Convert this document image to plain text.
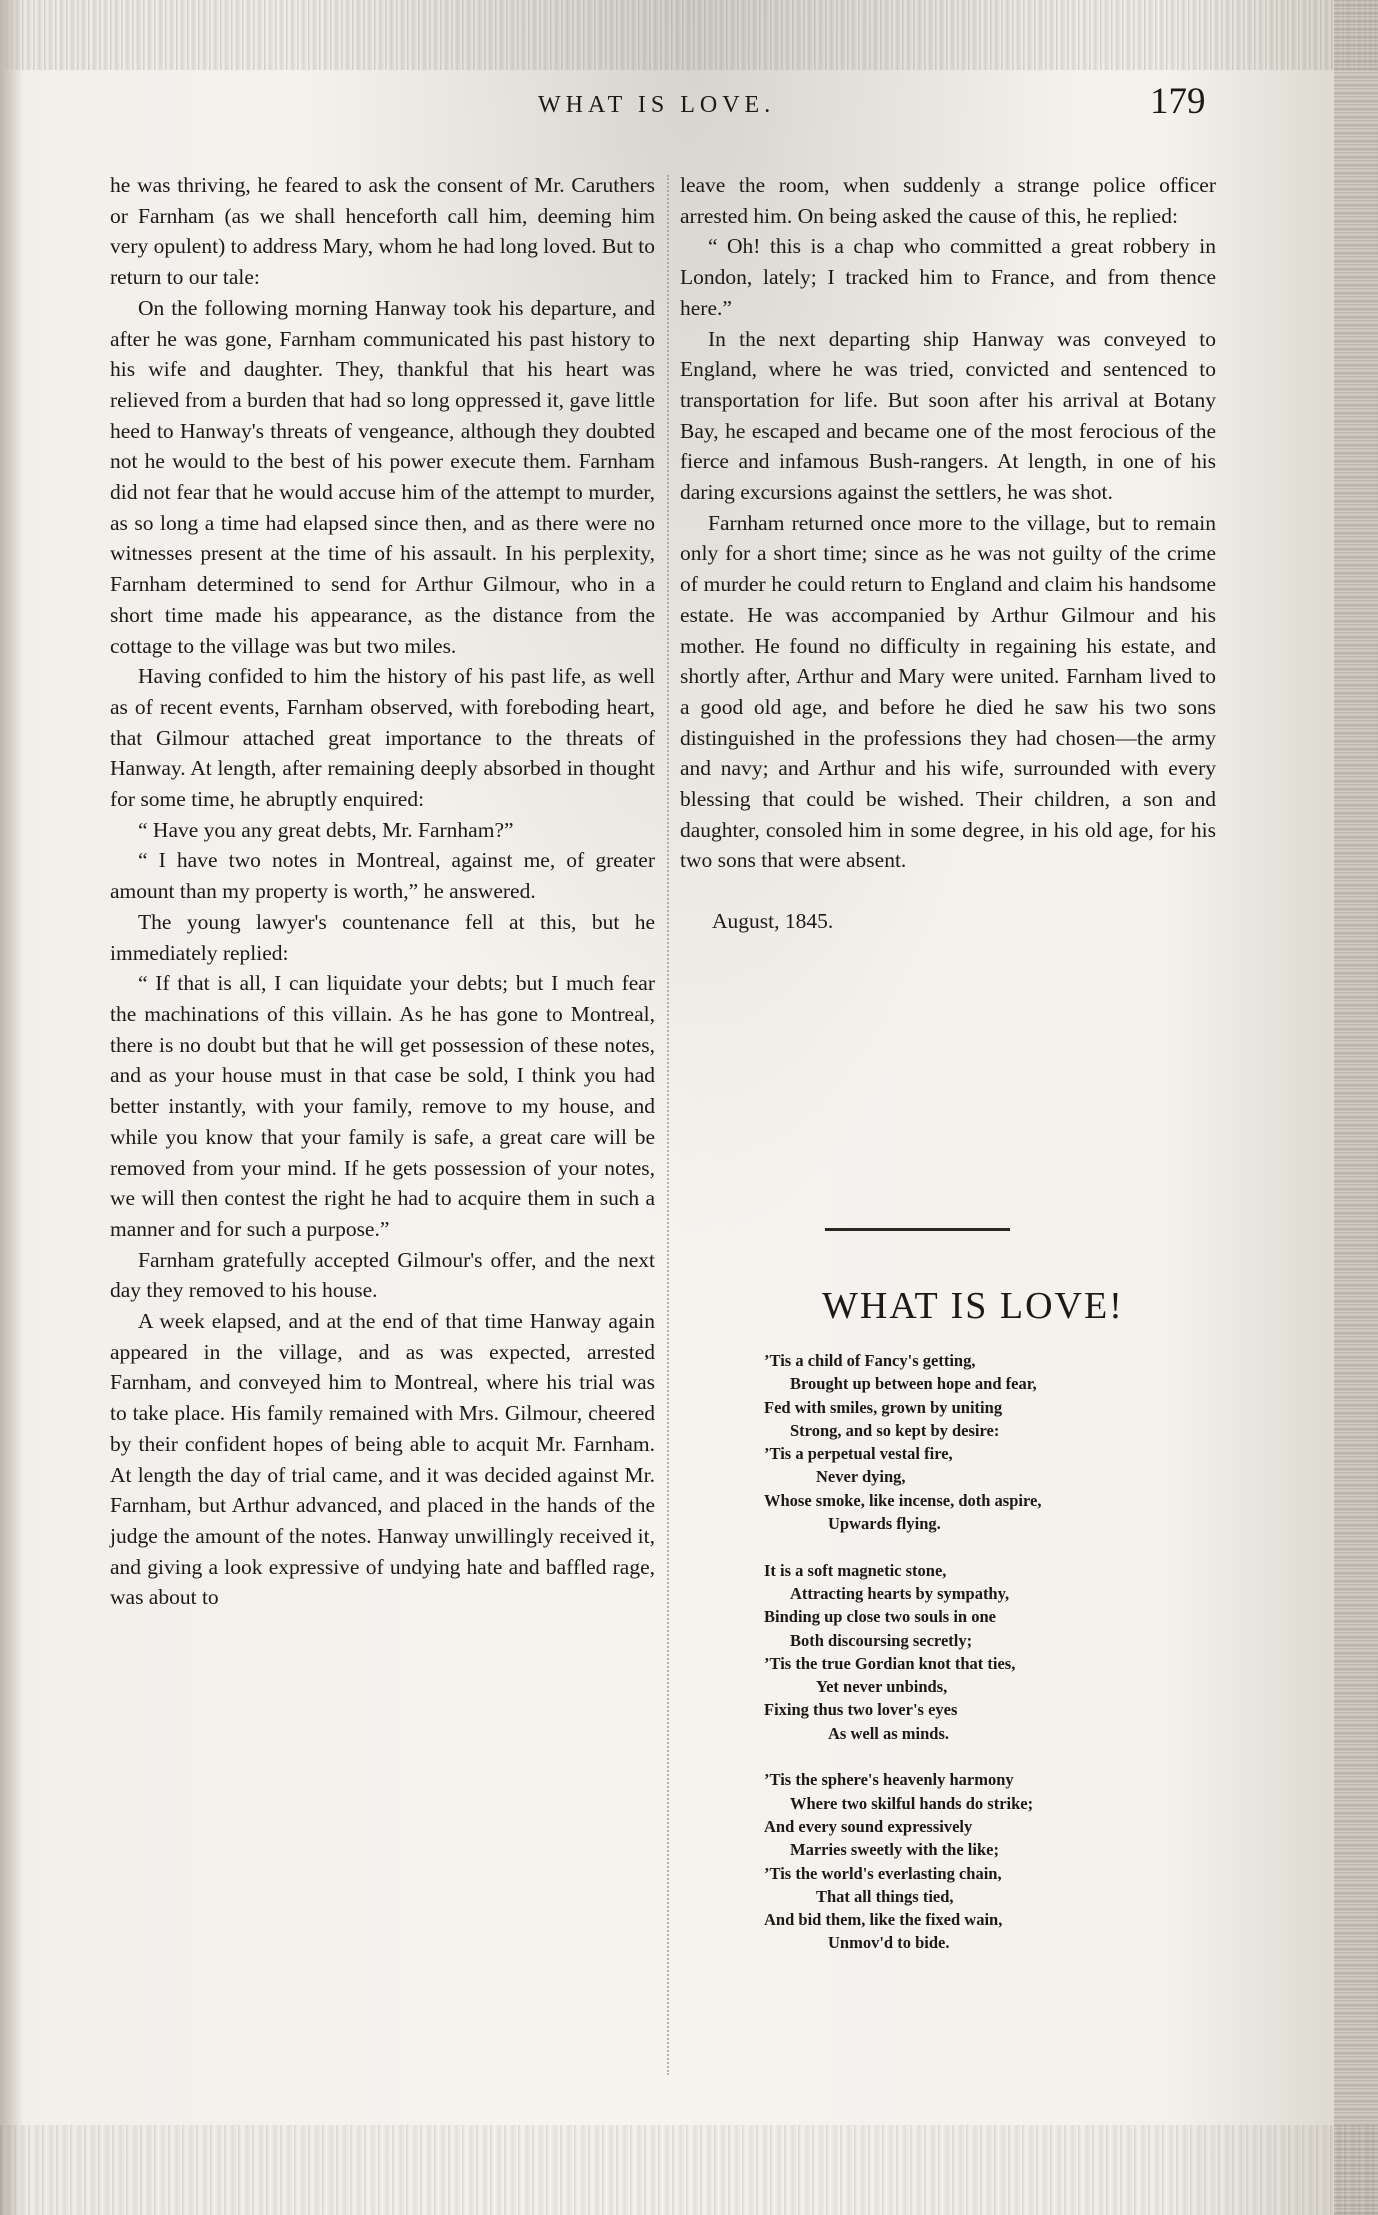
WHAT IS LOVE.	179

he was thriving, he feared to ask the consent of Mr. Caruthers or Farnham (as we shall henceforth call him, deeming him very opulent) to address Mary, whom he had long loved. But to return to our tale:

On the following morning Hanway took his departure, and after he was gone, Farnham communicated his past history to his wife and daughter. They, thankful that his heart was relieved from a burden that had so long oppressed it, gave little heed to Hanway's threats of vengeance, although they doubted not he would to the best of his power execute them. Farnham did not fear that he would accuse him of the attempt to murder, as so long a time had elapsed since then, and as there were no witnesses present at the time of his assault. In his perplexity, Farnham determined to send for Arthur Gilmour, who in a short time made his appearance, as the distance from the cottage to the village was but two miles.

Having confided to him the history of his past life, as well as of recent events, Farnham observed, with foreboding heart, that Gilmour attached great importance to the threats of Hanway. At length, after remaining deeply absorbed in thought for some time, he abruptly enquired:

“ Have you any great debts, Mr. Farnham?”

“ I have two notes in Montreal, against me, of greater amount than my property is worth,” he answered.

The young lawyer's countenance fell at this, but he immediately replied:

“ If that is all, I can liquidate your debts; but I much fear the machinations of this villain. As he has gone to Montreal, there is no doubt but that he will get possession of these notes, and as your house must in that case be sold, I think you had better instantly, with your family, remove to my house, and while you know that your family is safe, a great care will be removed from your mind. If he gets possession of your notes, we will then contest the right he had to acquire them in such a manner and for such a purpose.”

Farnham gratefully accepted Gilmour's offer, and the next day they removed to his house.

A week elapsed, and at the end of that time Hanway again appeared in the village, and as was expected, arrested Farnham, and conveyed him to Montreal, where his trial was to take place. His family remained with Mrs. Gilmour, cheered by their confident hopes of being able to acquit Mr. Farnham. At length the day of trial came, and it was decided against Mr. Farnham, but Arthur advanced, and placed in the hands of the judge the amount of the notes. Hanway unwillingly received it, and giving a look expressive of undying hate and baffled rage, was about to

leave the room, when suddenly a strange police officer arrested him. On being asked the cause of this, he replied:

“ Oh! this is a chap who committed a great robbery in London, lately; I tracked him to France, and from thence here.”

In the next departing ship Hanway was conveyed to England, where he was tried, convicted and sentenced to transportation for life. But soon after his arrival at Botany Bay, he escaped and became one of the most ferocious of the fierce and infamous Bush-rangers. At length, in one of his daring excursions against the settlers, he was shot.

Farnham returned once more to the village, but to remain only for a short time; since as he was not guilty of the crime of murder he could return to England and claim his handsome estate. He was accompanied by Arthur Gilmour and his mother. He found no difficulty in regaining his estate, and shortly after, Arthur and Mary were united. Farnham lived to a good old age, and before he died he saw his two sons distinguished in the professions they had chosen—the army and navy; and Arthur and his wife, surrounded with every blessing that could be wished. Their children, a son and daughter, consoled him in some degree, in his old age, for his two sons that were absent.

August, 1845.

WHAT IS LOVE!
’Tis a child of Fancy's getting,
Brought up between hope and fear,
Fed with smiles, grown by uniting
Strong, and so kept by desire:
’Tis a perpetual vestal fire,
Never dying,
Whose smoke, like incense, doth aspire,
Upwards flying.
It is a soft magnetic stone,
Attracting hearts by sympathy,
Binding up close two souls in one
Both discoursing secretly;
’Tis the true Gordian knot that ties,
Yet never unbinds,
Fixing thus two lover's eyes
As well as minds.
’Tis the sphere's heavenly harmony
Where two skilful hands do strike;
And every sound expressively
Marries sweetly with the like;
’Tis the world's everlasting chain,
That all things tied,
And bid them, like the fixed wain,
Unmov'd to bide.
